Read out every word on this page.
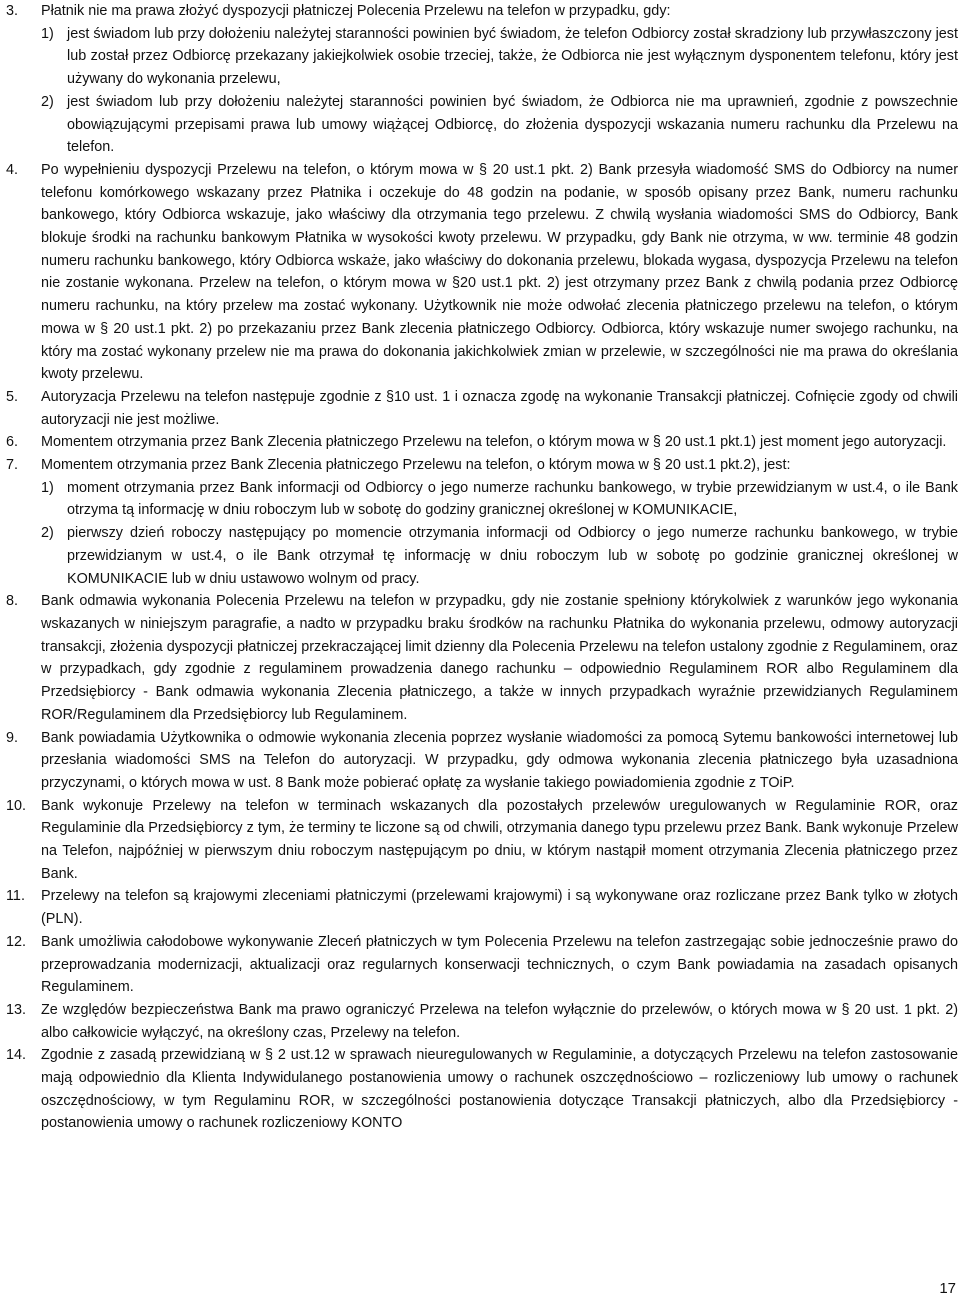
3.	Płatnik nie ma prawa złożyć dyspozycji płatniczej Polecenia Przelewu na telefon w przypadku, gdy:
1) jest świadom lub przy dołożeniu należytej staranności powinien być świadom, że telefon Odbiorcy został skradziony lub przywłaszczony jest lub został przez Odbiorcę przekazany jakiejkolwiek osobie trzeciej, także, że Odbiorca nie jest wyłącznym dysponentem telefonu, który jest używany do wykonania przelewu,
2) jest świadom lub przy dołożeniu należytej staranności powinien być świadom, że Odbiorca nie ma uprawnień, zgodnie z powszechnie obowiązującymi przepisami prawa lub umowy wiążącej Odbiorcę, do złożenia dyspozycji wskazania numeru rachunku dla Przelewu na telefon.
4.	Po wypełnieniu dyspozycji Przelewu na telefon, o którym mowa w § 20 ust.1 pkt. 2) Bank przesyła wiadomość SMS do Odbiorcy na numer telefonu komórkowego wskazany przez Płatnika i oczekuje do 48 godzin na podanie, w sposób opisany przez Bank, numeru rachunku bankowego, który Odbiorca wskazuje, jako właściwy dla otrzymania tego przelewu. Z chwilą wysłania wiadomości SMS do Odbiorcy, Bank blokuje środki na rachunku bankowym Płatnika w wysokości kwoty przelewu. W przypadku, gdy Bank nie otrzyma, w ww. terminie 48 godzin numeru rachunku bankowego, który Odbiorca wskaże, jako właściwy do dokonania przelewu, blokada wygasa, dyspozycja Przelewu na telefon nie zostanie wykonana. Przelew na telefon, o którym mowa w §20 ust.1 pkt. 2) jest otrzymany przez Bank z chwilą podania przez Odbiorcę numeru rachunku, na który przelew ma zostać wykonany. Użytkownik nie może odwołać zlecenia płatniczego przelewu na telefon, o którym mowa w § 20 ust.1 pkt. 2) po przekazaniu przez Bank zlecenia płatniczego Odbiorcy. Odbiorca, który wskazuje numer swojego rachunku, na który ma zostać wykonany przelew nie ma prawa do dokonania jakichkolwiek zmian w przelewie, w szczególności nie ma prawa do określania kwoty przelewu.
5.	Autoryzacja Przelewu na telefon następuje zgodnie z §10 ust. 1 i oznacza zgodę na wykonanie Transakcji płatniczej. Cofnięcie zgody od chwili autoryzacji nie jest możliwe.
6.	Momentem otrzymania przez Bank Zlecenia płatniczego Przelewu na telefon, o którym mowa w § 20 ust.1 pkt.1) jest moment jego autoryzacji.
7.	Momentem otrzymania przez Bank Zlecenia płatniczego Przelewu na telefon, o którym mowa w § 20 ust.1 pkt.2), jest:
1) moment otrzymania przez Bank informacji od Odbiorcy o jego numerze rachunku bankowego, w trybie przewidzianym w ust.4, o ile Bank otrzyma tą informację w dniu roboczym lub w sobotę do godziny granicznej określonej w KOMUNIKACIE,
2) pierwszy dzień roboczy następujący po momencie otrzymania informacji od Odbiorcy o jego numerze rachunku bankowego, w trybie przewidzianym w ust.4, o ile Bank otrzymał tę informację w dniu roboczym lub w sobotę po godzinie granicznej określonej w KOMUNIKACIE lub w dniu ustawowo wolnym od pracy.
8.	Bank odmawia wykonania Polecenia Przelewu na telefon w przypadku, gdy nie zostanie spełniony którykolwiek z warunków jego wykonania wskazanych w niniejszym paragrafie, a nadto w przypadku braku środków na rachunku Płatnika do wykonania przelewu, odmowy autoryzacji transakcji, złożenia dyspozycji płatniczej przekraczającej limit dzienny dla Polecenia Przelewu na telefon ustalony zgodnie z Regulaminem, oraz w przypadkach, gdy zgodnie z regulaminem prowadzenia danego rachunku – odpowiednio Regulaminem ROR albo Regulaminem dla Przedsiębiorcy - Bank odmawia wykonania Zlecenia płatniczego, a także w innych przypadkach wyraźnie przewidzianych Regulaminem ROR/Regulaminem dla Przedsiębiorcy lub Regulaminem.
9.	Bank powiadamia Użytkownika o odmowie wykonania zlecenia poprzez wysłanie wiadomości za pomocą Sytemu bankowości internetowej lub przesłania wiadomości SMS na Telefon do autoryzacji. W przypadku, gdy odmowa wykonania zlecenia płatniczego była uzasadniona przyczynami, o których mowa w ust. 8 Bank może pobierać opłatę za wysłanie takiego powiadomienia zgodnie z TOiP.
10.	Bank wykonuje Przelewy na telefon w terminach wskazanych dla pozostałych przelewów uregulowanych w Regulaminie ROR, oraz Regulaminie dla Przedsiębiorcy z tym, że terminy te liczone są od chwili, otrzymania danego typu przelewu przez Bank. Bank wykonuje Przelew na Telefon, najpóźniej w pierwszym dniu roboczym następującym po dniu, w którym nastąpił moment otrzymania Zlecenia płatniczego przez Bank.
11.	Przelewy na telefon są krajowymi zleceniami płatniczymi (przelewami krajowymi) i są wykonywane oraz rozliczane przez Bank tylko w złotych (PLN).
12.	Bank umożliwia całodobowe wykonywanie Zleceń płatniczych w tym Polecenia Przelewu na telefon zastrzegając sobie jednocześnie prawo do przeprowadzania modernizacji, aktualizacji oraz regularnych konserwacji technicznych, o czym Bank powiadamia na zasadach opisanych Regulaminem.
13.	Ze względów bezpieczeństwa Bank ma prawo ograniczyć Przelewa na telefon wyłącznie do przelewów, o których mowa w § 20 ust. 1 pkt. 2) albo całkowicie wyłączyć, na określony czas, Przelewy na telefon.
14.	Zgodnie z zasadą przewidzianą w § 2 ust.12 w sprawach nieuregulowanych w Regulaminie, a dotyczących Przelewu na telefon zastosowanie mają odpowiednio dla Klienta Indywidulanego postanowienia umowy o rachunek oszczędnościowo – rozliczeniowy lub umowy o rachunek oszczędnościowy, w tym Regulaminu ROR, w szczególności postanowienia dotyczące Transakcji płatniczych, albo dla Przedsiębiorcy - postanowienia umowy o rachunek rozliczeniowy KONTO
17
